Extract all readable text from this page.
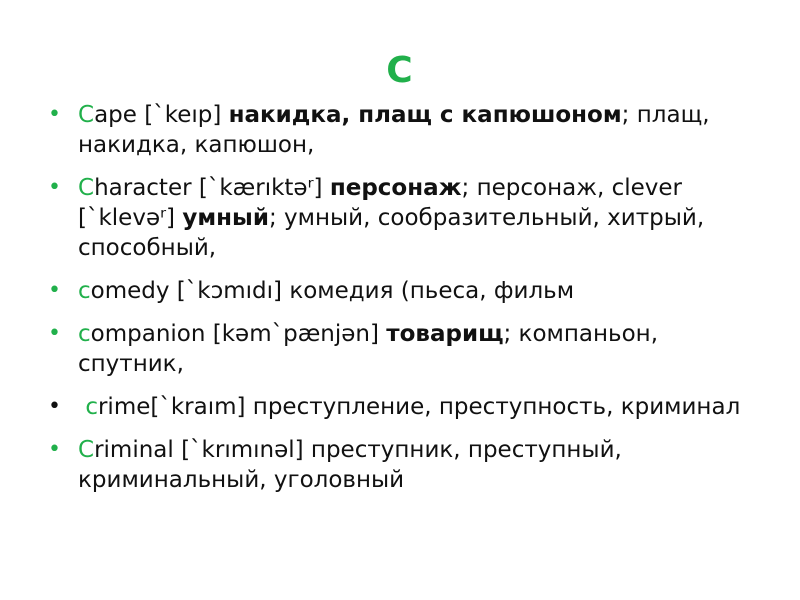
C
• Cape [`keıp] накидка, плащ с капюшоном; плащ, накидка, капюшон,
• Character [`kærıktəʳ] персонаж; персонаж, clever [`klevəʳ] умный; умный, сообразительный, хитрый, способный,
• comedy [`kɔmıdı] комедия (пьеса, фильм
• companion [kəm`pænjən] товарищ; компаньон, спутник,
• crime[`kraım] преступление, преступность, криминал
• Criminal [`krımınəl] преступник, преступный, криминальный, уголовный
